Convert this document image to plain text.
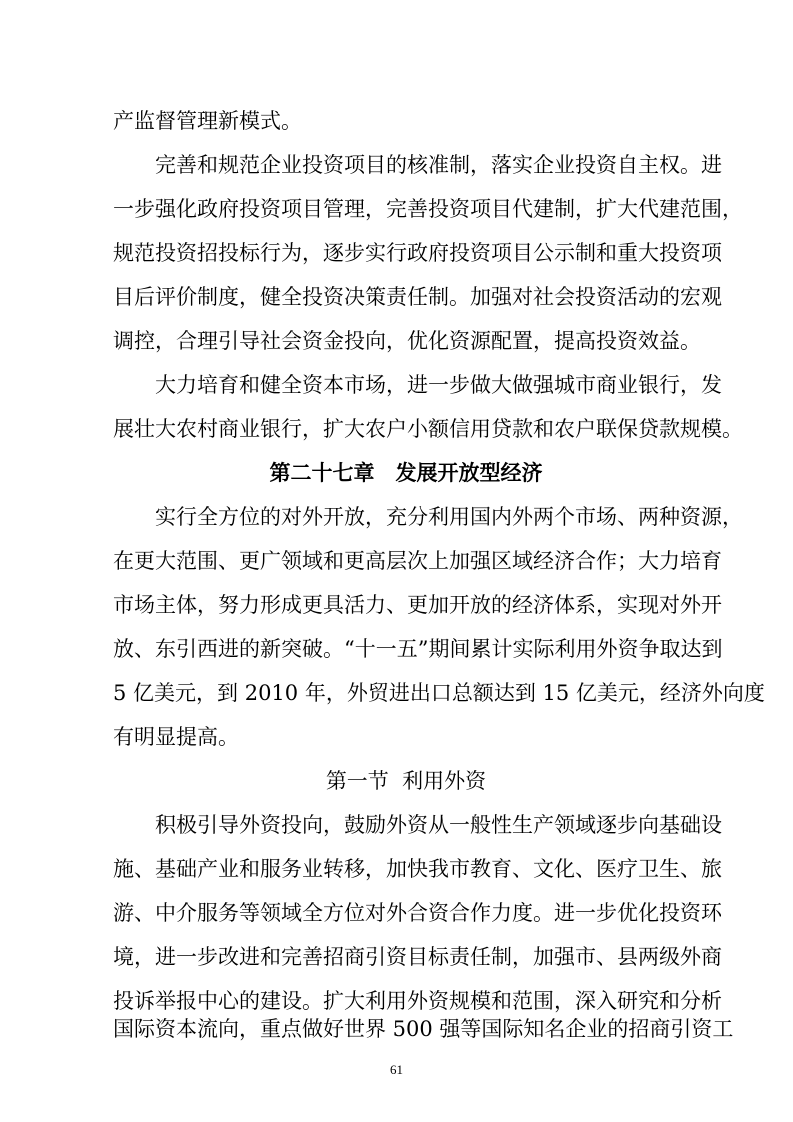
产监督管理新模式。
完善和规范企业投资项目的核准制，落实企业投资自主权。进
一步强化政府投资项目管理，完善投资项目代建制，扩大代建范围，
规范投资招投标行为，逐步实行政府投资项目公示制和重大投资项
目后评价制度，健全投资决策责任制。加强对社会投资活动的宏观
调控，合理引导社会资金投向，优化资源配置，提高投资效益。
大力培育和健全资本市场，进一步做大做强城市商业银行，发
展壮大农村商业银行，扩大农户小额信用贷款和农户联保贷款规模。
第二十七章　发展开放型经济
实行全方位的对外开放，充分利用国内外两个市场、两种资源，
在更大范围、更广领域和更高层次上加强区域经济合作；大力培育
市场主体，努力形成更具活力、更加开放的经济体系，实现对外开
放、东引西进的新突破。“十一五”期间累计实际利用外资争取达到
5 亿美元，到 2010 年，外贸进出口总额达到 15 亿美元，经济外向度
有明显提高。
第一节  利用外资
积极引导外资投向，鼓励外资从一般性生产领域逐步向基础设
施、基础产业和服务业转移，加快我市教育、文化、医疗卫生、旅
游、中介服务等领域全方位对外合资合作力度。进一步优化投资环
境，进一步改进和完善招商引资目标责任制，加强市、县两级外商
投诉举报中心的建设。扩大利用外资规模和范围，深入研究和分析
国际资本流向，重点做好世界 500 强等国际知名企业的招商引资工
61
